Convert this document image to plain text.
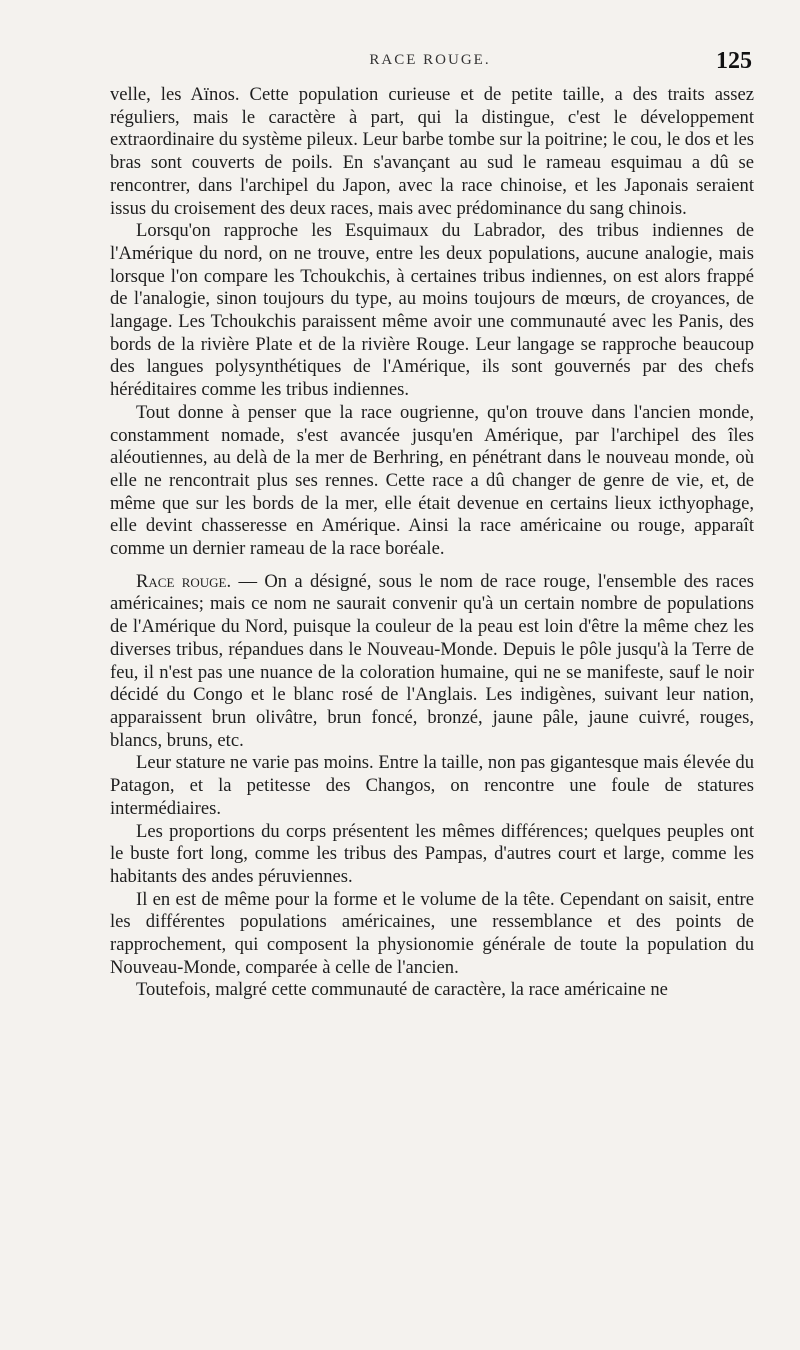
RACE ROUGE.	125

velle, les Aïnos. Cette population curieuse et de petite taille, a des traits assez réguliers, mais le caractère à part, qui la distingue, c'est le développement extraordinaire du système pileux. Leur barbe tombe sur la poitrine; le cou, le dos et les bras sont couverts de poils. En s'avançant au sud le rameau esquimau a dû se rencontrer, dans l'archipel du Japon, avec la race chinoise, et les Japonais seraient issus du croisement des deux races, mais avec prédominance du sang chinois.

Lorsqu'on rapproche les Esquimaux du Labrador, des tribus indiennes de l'Amérique du nord, on ne trouve, entre les deux populations, aucune analogie, mais lorsque l'on compare les Tchoukchis, à certaines tribus indiennes, on est alors frappé de l'analogie, sinon toujours du type, au moins toujours de mœurs, de croyances, de langage. Les Tchoukchis paraissent même avoir une communauté avec les Panis, des bords de la rivière Plate et de la rivière Rouge. Leur langage se rapproche beaucoup des langues polysynthétiques de l'Amérique, ils sont gouvernés par des chefs héréditaires comme les tribus indiennes.

Tout donne à penser que la race ougrienne, qu'on trouve dans l'ancien monde, constamment nomade, s'est avancée jusqu'en Amérique, par l'archipel des îles aléoutiennes, au delà de la mer de Berhring, en pénétrant dans le nouveau monde, où elle ne rencontrait plus ses rennes. Cette race a dû changer de genre de vie, et, de même que sur les bords de la mer, elle était devenue en certains lieux icthyophage, elle devint chasseresse en Amérique. Ainsi la race américaine ou rouge, apparaît comme un dernier rameau de la race boréale.

Race rouge. — On a désigné, sous le nom de race rouge, l'ensemble des races américaines; mais ce nom ne saurait convenir qu'à un certain nombre de populations de l'Amérique du Nord, puisque la couleur de la peau est loin d'être la même chez les diverses tribus, répandues dans le Nouveau-Monde. Depuis le pôle jusqu'à la Terre de feu, il n'est pas une nuance de la coloration humaine, qui ne se manifeste, sauf le noir décidé du Congo et le blanc rosé de l'Anglais. Les indigènes, suivant leur nation, apparaissent brun olivâtre, brun foncé, bronzé, jaune pâle, jaune cuivré, rouges, blancs, bruns, etc.

Leur stature ne varie pas moins. Entre la taille, non pas gigantesque mais élevée du Patagon, et la petitesse des Changos, on rencontre une foule de statures intermédiaires.

Les proportions du corps présentent les mêmes différences; quelques peuples ont le buste fort long, comme les tribus des Pampas, d'autres court et large, comme les habitants des andes péruviennes.

Il en est de même pour la forme et le volume de la tête. Cependant on saisit, entre les différentes populations américaines, une ressemblance et des points de rapprochement, qui composent la physionomie générale de toute la population du Nouveau-Monde, comparée à celle de l'ancien.

Toutefois, malgré cette communauté de caractère, la race américaine ne
